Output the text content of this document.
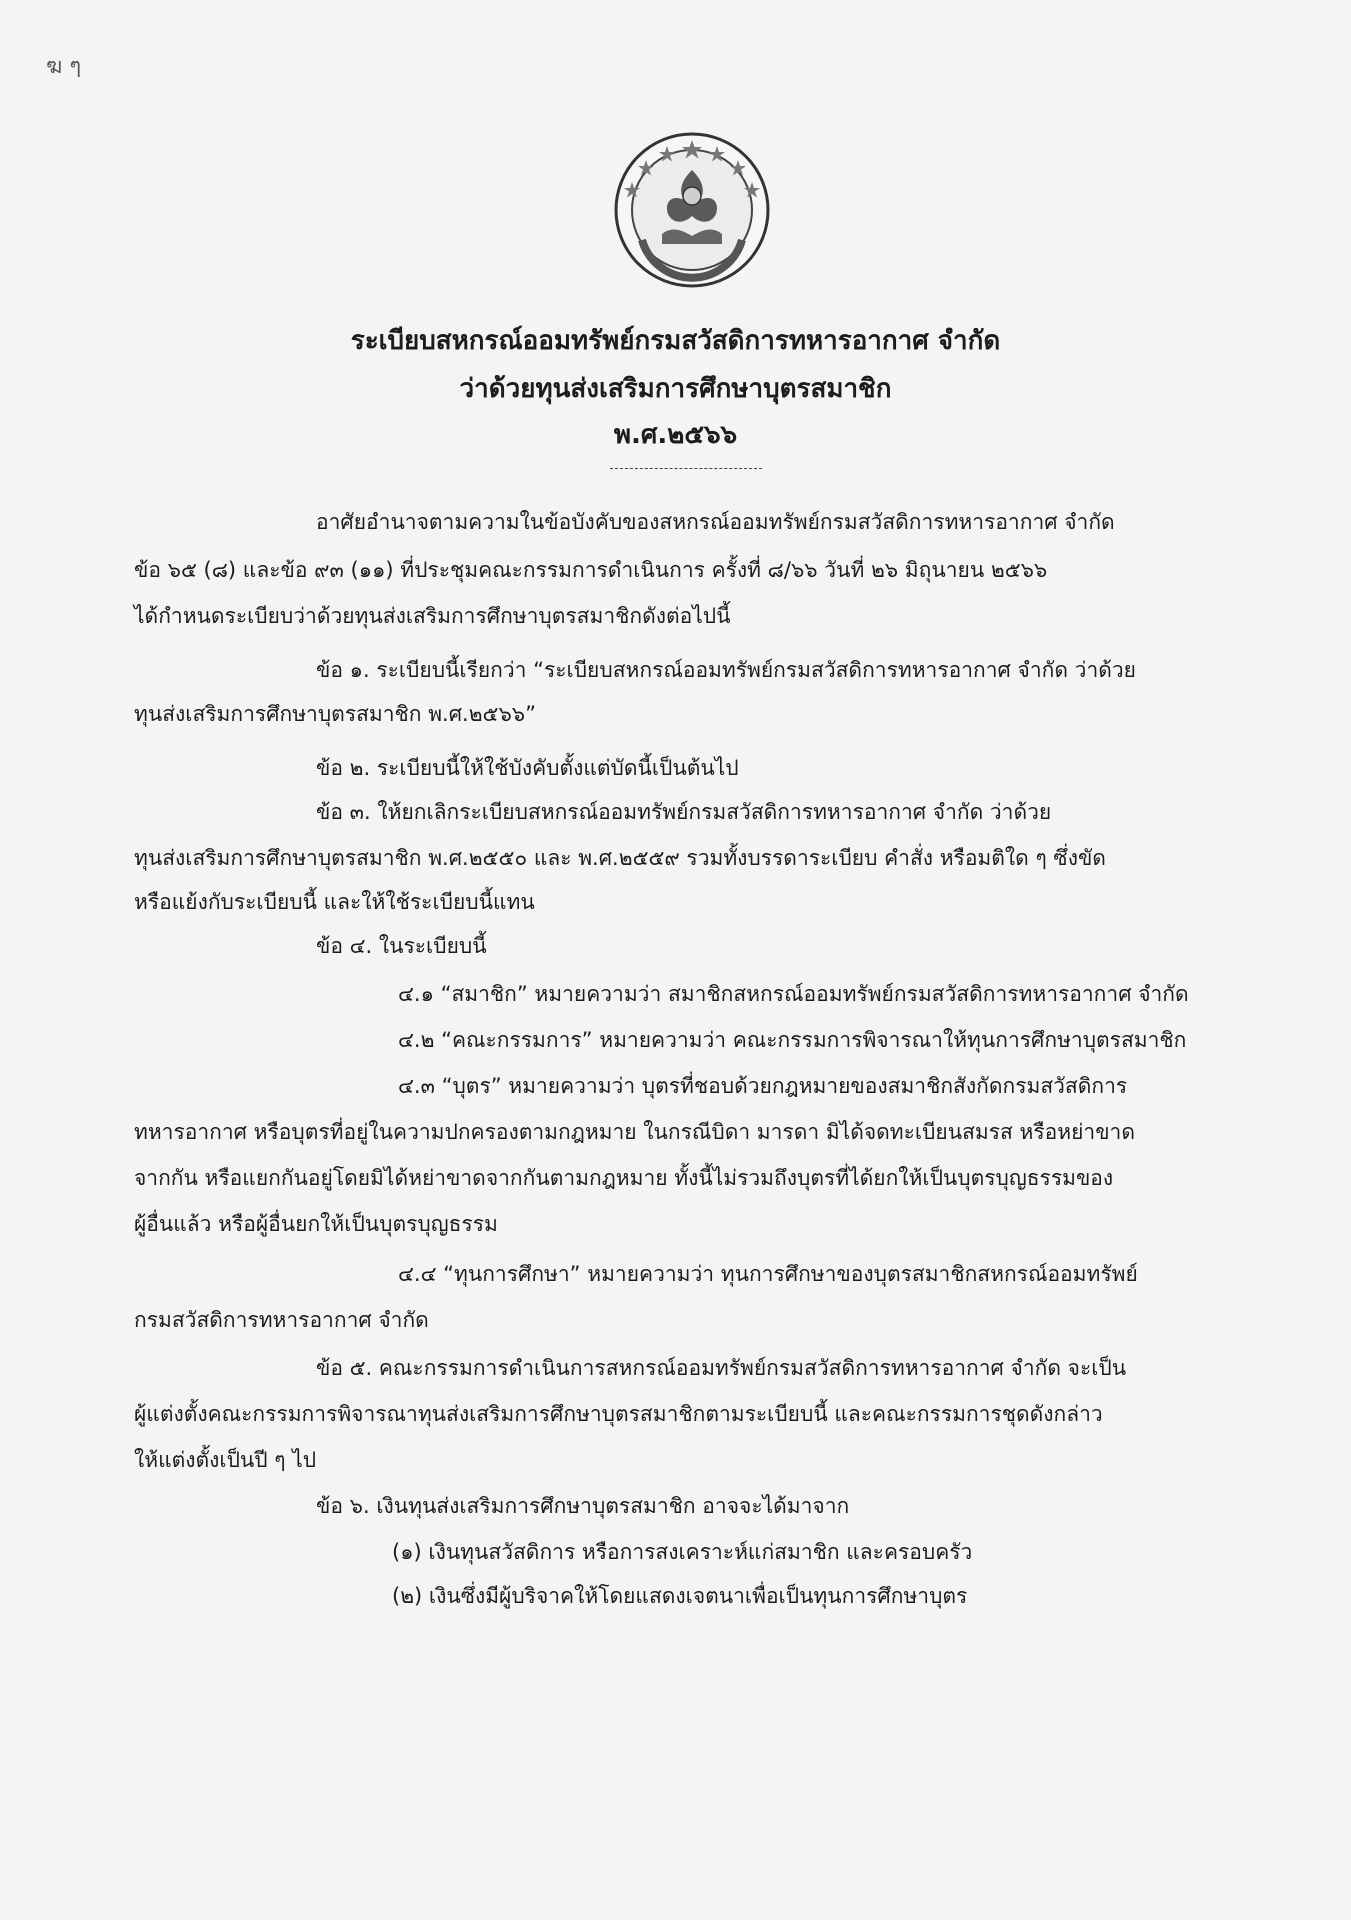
ฆ ๆ
ระเบียบสหกรณ์ออมทรัพย์กรมสวัสดิการทหารอากาศ จำกัด
ว่าด้วยทุนส่งเสริมการศึกษาบุตรสมาชิก
พ.ศ.๒๕๖๖
อาศัยอำนาจตามความในข้อบังคับของสหกรณ์ออมทรัพย์กรมสวัสดิการทหารอากาศ จำกัด
ข้อ ๖๕ (๘) และข้อ ๙๓ (๑๑) ที่ประชุมคณะกรรมการดำเนินการ ครั้งที่ ๘/๖๖ วันที่ ๒๖ มิถุนายน ๒๕๖๖
ได้กำหนดระเบียบว่าด้วยทุนส่งเสริมการศึกษาบุตรสมาชิกดังต่อไปนี้
ข้อ ๑. ระเบียบนี้เรียกว่า “ระเบียบสหกรณ์ออมทรัพย์กรมสวัสดิการทหารอากาศ จำกัด ว่าด้วย
ทุนส่งเสริมการศึกษาบุตรสมาชิก พ.ศ.๒๕๖๖”
ข้อ ๒. ระเบียบนี้ให้ใช้บังคับตั้งแต่บัดนี้เป็นต้นไป
ข้อ ๓. ให้ยกเลิกระเบียบสหกรณ์ออมทรัพย์กรมสวัสดิการทหารอากาศ จำกัด ว่าด้วย
ทุนส่งเสริมการศึกษาบุตรสมาชิก พ.ศ.๒๕๕๐ และ พ.ศ.๒๕๕๙ รวมทั้งบรรดาระเบียบ คำสั่ง หรือมติใด ๆ ซึ่งขัด
หรือแย้งกับระเบียบนี้ และให้ใช้ระเบียบนี้แทน
ข้อ ๔. ในระเบียบนี้
๔.๑ “สมาชิก” หมายความว่า สมาชิกสหกรณ์ออมทรัพย์กรมสวัสดิการทหารอากาศ จำกัด
๔.๒ “คณะกรรมการ” หมายความว่า คณะกรรมการพิจารณาให้ทุนการศึกษาบุตรสมาชิก
๔.๓ “บุตร” หมายความว่า บุตรที่ชอบด้วยกฎหมายของสมาชิกสังกัดกรมสวัสดิการ
ทหารอากาศ หรือบุตรที่อยู่ในความปกครองตามกฎหมาย ในกรณีบิดา มารดา มิได้จดทะเบียนสมรส หรือหย่าขาด
จากกัน หรือแยกกันอยู่โดยมิได้หย่าขาดจากกันตามกฎหมาย ทั้งนี้ไม่รวมถึงบุตรที่ได้ยกให้เป็นบุตรบุญธรรมของ
ผู้อื่นแล้ว หรือผู้อื่นยกให้เป็นบุตรบุญธรรม
๔.๔ “ทุนการศึกษา” หมายความว่า ทุนการศึกษาของบุตรสมาชิกสหกรณ์ออมทรัพย์
กรมสวัสดิการทหารอากาศ จำกัด
ข้อ ๕. คณะกรรมการดำเนินการสหกรณ์ออมทรัพย์กรมสวัสดิการทหารอากาศ จำกัด จะเป็น
ผู้แต่งตั้งคณะกรรมการพิจารณาทุนส่งเสริมการศึกษาบุตรสมาชิกตามระเบียบนี้ และคณะกรรมการชุดดังกล่าว
ให้แต่งตั้งเป็นปี ๆ ไป
ข้อ ๖. เงินทุนส่งเสริมการศึกษาบุตรสมาชิก อาจจะได้มาจาก
(๑) เงินทุนสวัสดิการ หรือการสงเคราะห์แก่สมาชิก และครอบครัว
(๒) เงินซึ่งมีผู้บริจาคให้โดยแสดงเจตนาเพื่อเป็นทุนการศึกษาบุตร
